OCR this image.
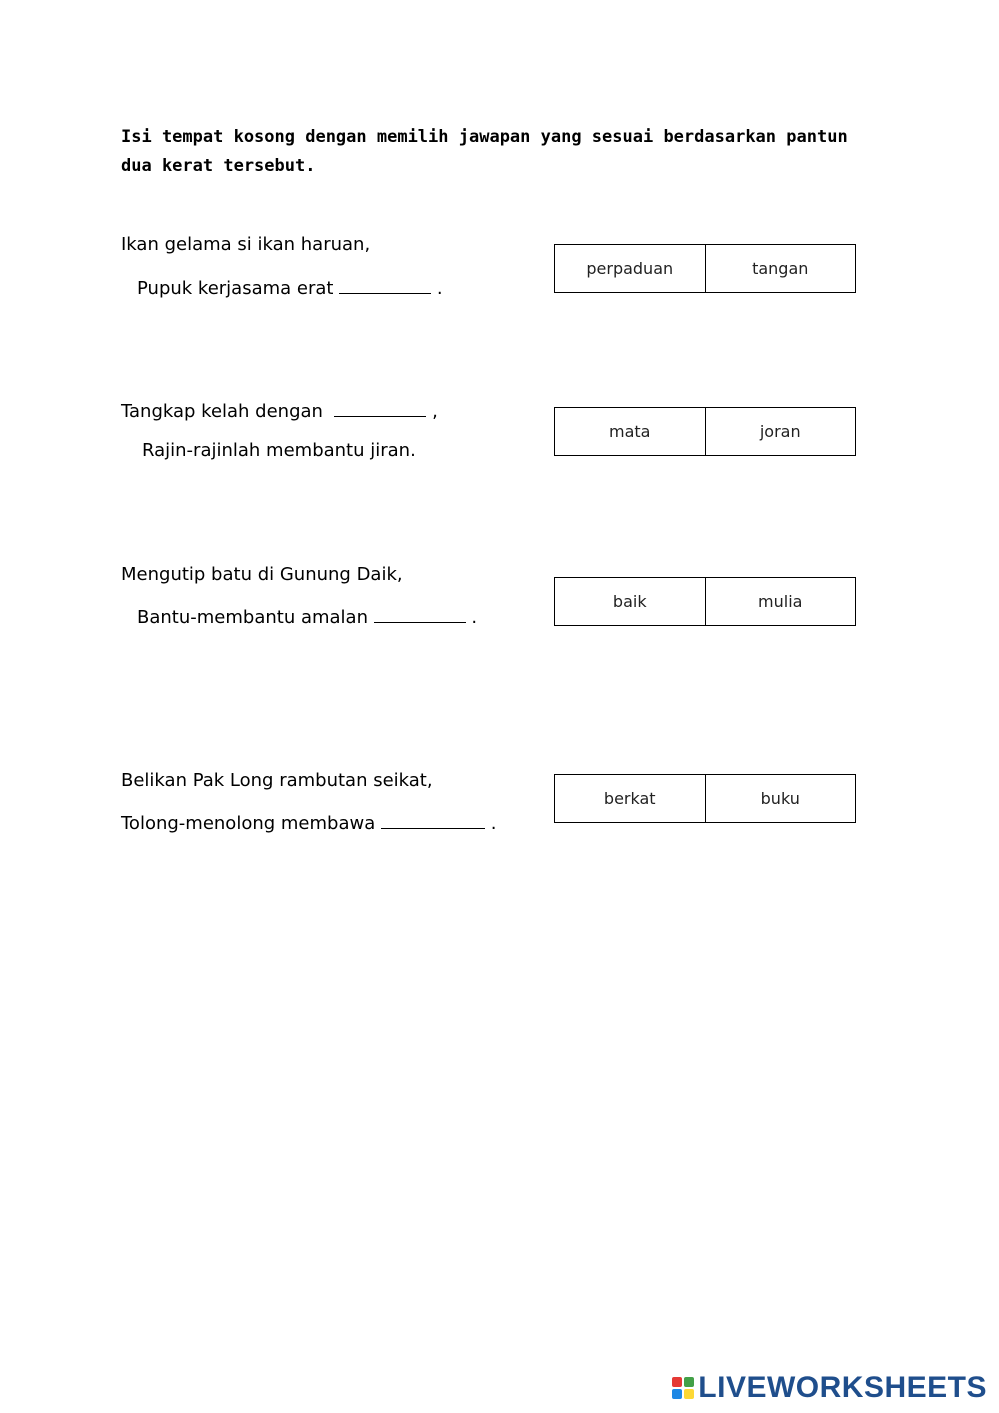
Isi tempat kosong dengan memilih jawapan yang sesuai berdasarkan pantun dua kerat tersebut.
Ikan gelama si ikan haruan,
Pupuk kerjasama erat	.
perpaduan	tangan
Tangkap kelah dengan	,
Rajin-rajinlah membantu jiran.
mata	joran
Mengutip batu di Gunung Daik,
Bantu-membantu amalan	.
baik	mulia
Belikan Pak Long rambutan seikat,
Tolong-menolong membawa	.
berkat	buku
LIVEWORKSHEETS
